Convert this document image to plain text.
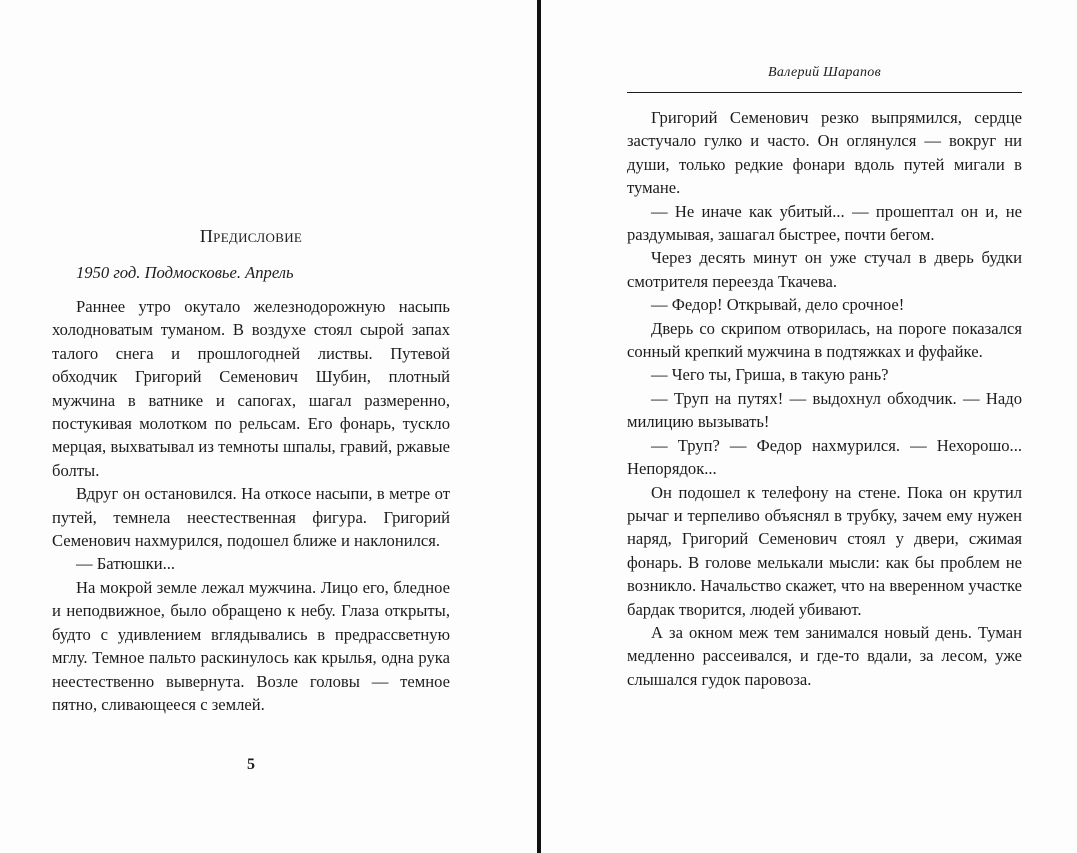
Предисловие

1950 год. Подмосковье. Апрель

Раннее утро окутало железнодорожную насыпь холодноватым туманом. В воздухе стоял сырой запах талого снега и прошлогодней листвы. Путевой обходчик Григорий Семенович Шубин, плотный мужчина в ватнике и сапогах, шагал размеренно, постукивая молотком по рельсам. Его фонарь, тускло мерцая, выхватывал из темноты шпалы, гравий, ржавые болты.

Вдруг он остановился. На откосе насыпи, в метре от путей, темнела неестественная фигура. Григорий Семенович нахмурился, подошел ближе и наклонился.

— Батюшки...

На мокрой земле лежал мужчина. Лицо его, бледное и неподвижное, было обращено к небу. Глаза открыты, будто с удивлением вглядывались в предрассветную мглу. Темное пальто раскинулось как крылья, одна рука неестественно вывернута. Возле головы — темное пятно, сливающееся с землей.

5
Валерий Шарапов

Григорий Семенович резко выпрямился, сердце застучало гулко и часто. Он оглянулся — вокруг ни души, только редкие фонари вдоль путей мигали в тумане.

— Не иначе как убитый... — прошептал он и, не раздумывая, зашагал быстрее, почти бегом.

Через десять минут он уже стучал в дверь будки смотрителя переезда Ткачева.

— Федор! Открывай, дело срочное!

Дверь со скрипом отворилась, на пороге показался сонный крепкий мужчина в подтяжках и фуфайке.

— Чего ты, Гриша, в такую рань?

— Труп на путях! — выдохнул обходчик. — Надо милицию вызывать!

— Труп? — Федор нахмурился. — Нехорошо... Непорядок...

Он подошел к телефону на стене. Пока он крутил рычаг и терпеливо объяснял в трубку, зачем ему нужен наряд, Григорий Семенович стоял у двери, сжимая фонарь. В голове мелькали мысли: как бы проблем не возникло. Начальство скажет, что на вверенном участке бардак творится, людей убивают.

А за окном меж тем занимался новый день. Туман медленно рассеивался, и где-то вдали, за лесом, уже слышался гудок паровоза.
